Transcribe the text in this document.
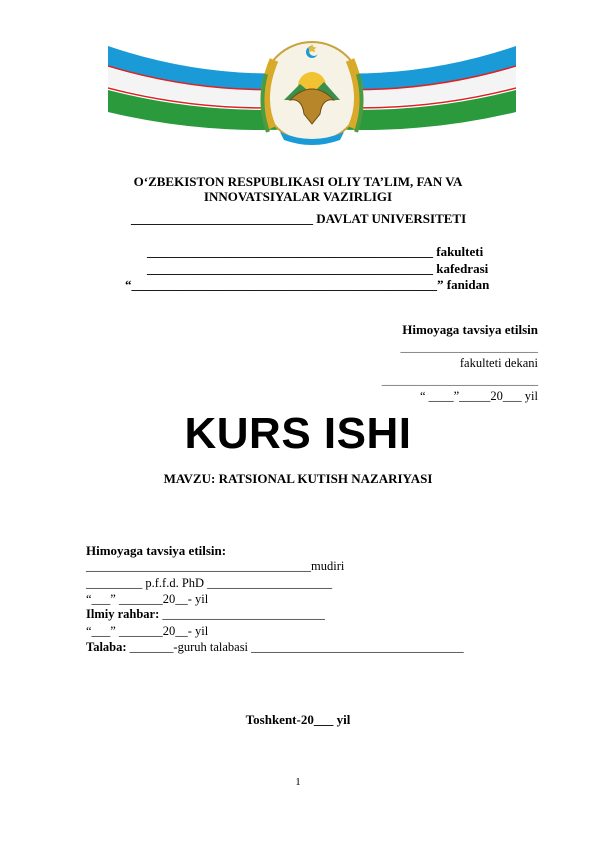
O‘ZBEKISTON RESPUBLIKASI OLIY TA’LIM, FAN VA
INNOVATSIYALAR VAZIRLIGI
____________________________ DAVLAT UNIVERSITETI
____________________________________________ fakulteti
____________________________________________ kafedrasi
“_______________________________________________” fanidan
Himoyaga tavsiya etilsin
______________________
fakulteti dekani
_________________________
“ ____”_____20___ yil
KURS ISHI
MAVZU: RATSIONAL KUTISH NAZARIYASI
Himoyaga tavsiya etilsin:
____________________________________mudiri
_________ p.f.f.d. PhD ____________________
“___” _______20__- yil
Ilmiy rahbar: __________________________
“___” _______20__- yil
Talaba: _______-guruh talabasi __________________________________
Toshkent-20___ yil
1
